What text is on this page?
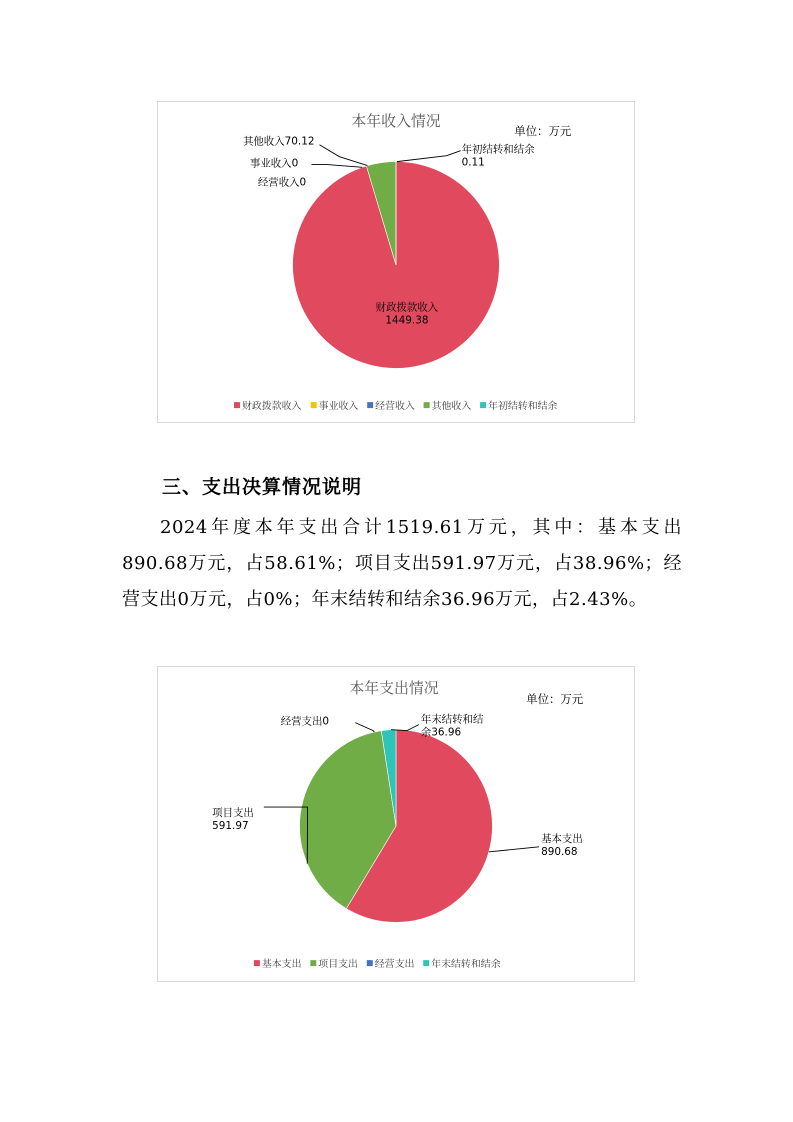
本年收入情况
单位：万元
财政拨款收入 1449.38
事业收入0
经营收入0
其他收入70.12
年初结转和结余 0.11
财政拨款收入 事业收入 经营收入 其他收入 年初结转和结余
三、支出决算情况说明
2024年度本年支出合计1519.61万元，其中：基本支出890.68万元，占58.61%；项目支出591.97万元，占38.96%；经营支出0万元，占0%；年末结转和结余36.96万元，占2.43%。
本年支出情况
单位：万元
基本支出 890.68
项目支出 591.97
经营支出0	年末结转和结余36.96
基本支出 项目支出 经营支出 年末结转和结余
